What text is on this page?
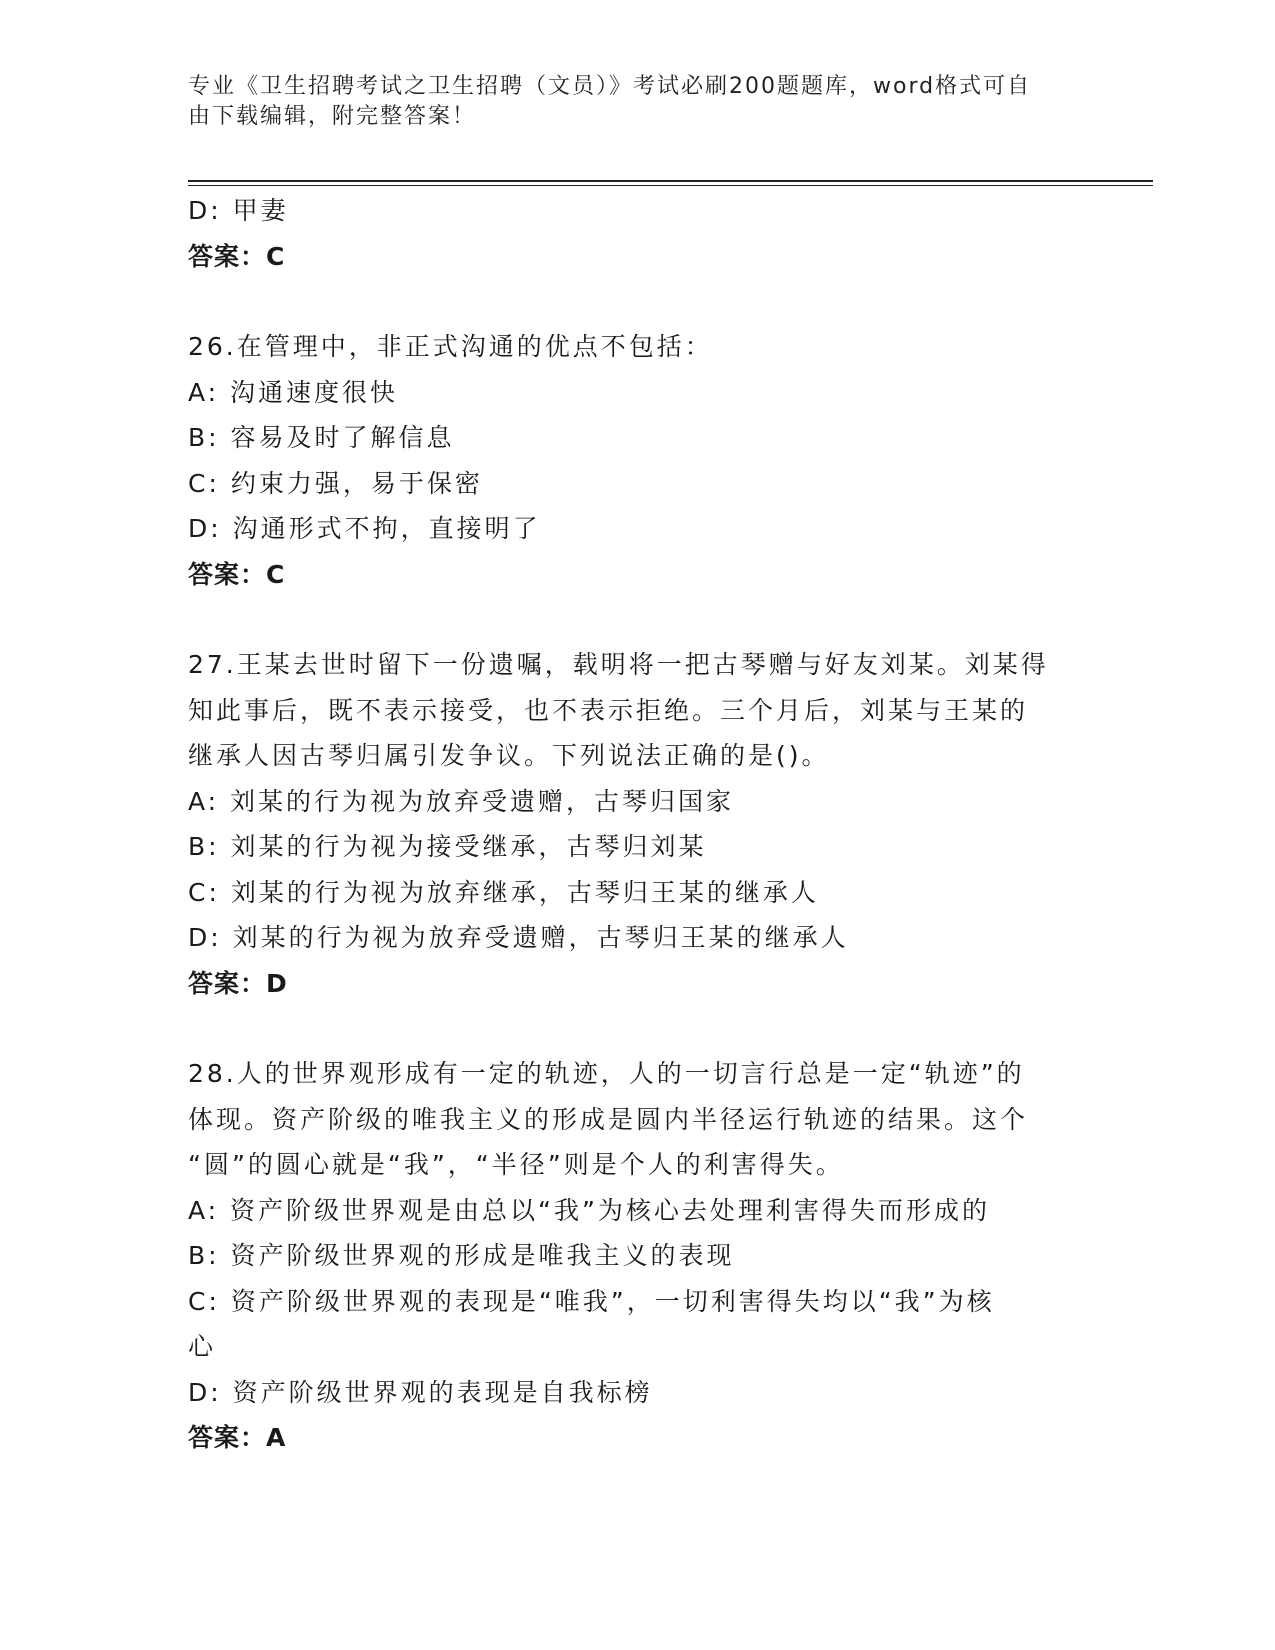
专业《卫生招聘考试之卫生招聘（文员）》考试必刷200题题库，word格式可自
由下载编辑，附完整答案！

D: 甲妻

答案：C

26.在管理中，非正式沟通的优点不包括：

A: 沟通速度很快

B: 容易及时了解信息

C: 约束力强，易于保密

D: 沟通形式不拘，直接明了

答案：C

27.王某去世时留下一份遗嘱，载明将一把古琴赠与好友刘某。刘某得

知此事后，既不表示接受，也不表示拒绝。三个月后，刘某与王某的

继承人因古琴归属引发争议。下列说法正确的是()。

A: 刘某的行为视为放弃受遗赠，古琴归国家

B: 刘某的行为视为接受继承，古琴归刘某

C: 刘某的行为视为放弃继承，古琴归王某的继承人

D: 刘某的行为视为放弃受遗赠，古琴归王某的继承人

答案：D

28.人的世界观形成有一定的轨迹，人的一切言行总是一定“轨迹”的

体现。资产阶级的唯我主义的形成是圆内半径运行轨迹的结果。这个

“圆”的圆心就是“我”，“半径”则是个人的利害得失。

A: 资产阶级世界观是由总以“我”为核心去处理利害得失而形成的

B: 资产阶级世界观的形成是唯我主义的表现

C: 资产阶级世界观的表现是“唯我”，一切利害得失均以“我”为核

心

D: 资产阶级世界观的表现是自我标榜

答案：A
